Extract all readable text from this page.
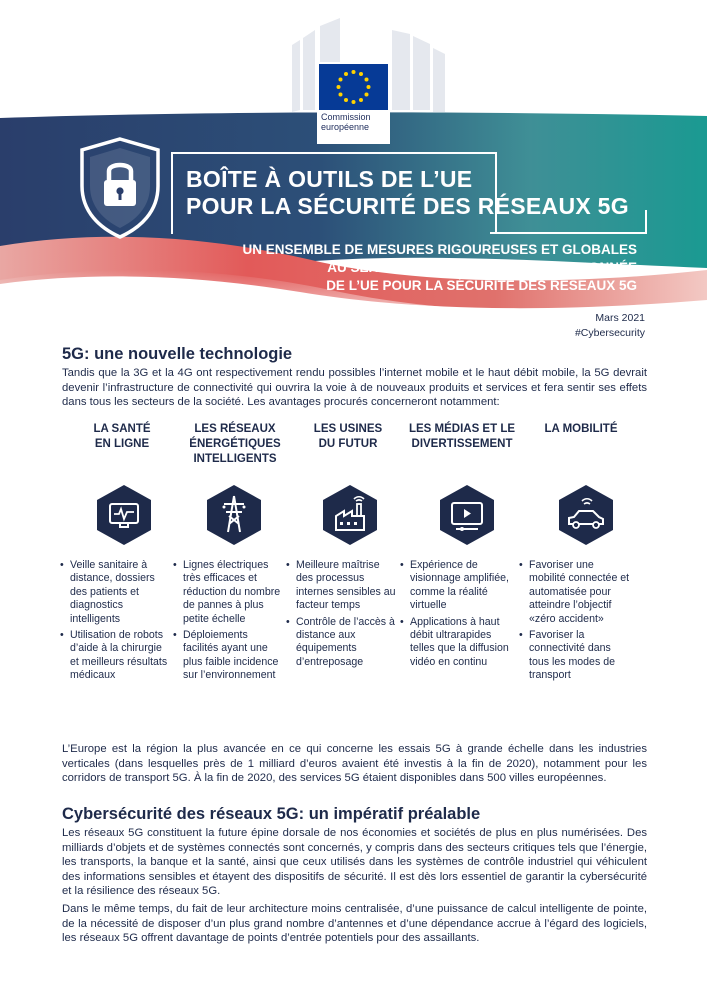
Commission
européenne
BOÎTE À OUTILS DE L’UE
POUR LA SÉCURITÉ DES RÉSEAUX 5G
UN ENSEMBLE DE MESURES RIGOUREUSES ET GLOBALES
AU SERVICE D’UNE APPROCHE COORDONNÉE
DE L’UE POUR LA SÉCURITÉ DES RÉSEAUX 5G
Mars 2021
#Cybersecurity
5G: une nouvelle technologie
Tandis que la 3G et la 4G ont respectivement rendu possibles l’internet mobile et le haut débit mobile, la 5G devrait devenir l’infrastructure de connectivité qui ouvrira la voie à de nouveaux produits et services et fera sentir ses effets dans tous les secteurs de la société. Les avantages procurés concerneront notamment:
LA SANTÉ
EN LIGNE
• Veille sanitaire à distance, dossiers des patients et diagnostics intelligents
• Utilisation de robots d’aide à la chirurgie et meilleurs résultats médicaux
LES RÉSEAUX
ÉNERGÉTIQUES
INTELLIGENTS
• Lignes électriques très efficaces et réduction du nombre de pannes à plus petite échelle
• Déploiements facilités ayant une plus faible incidence sur l’environnement
LES USINES
DU FUTUR
• Meilleure maîtrise des processus internes sensibles au facteur temps
• Contrôle de l’accès à distance aux équipements d’entreposage
LES MÉDIAS ET LE
DIVERTISSEMENT
• Expérience de visionnage amplifiée, comme la réalité virtuelle
• Applications à haut débit ultrarapides telles que la diffusion vidéo en continu
LA MOBILITÉ
• Favoriser une mobilité connectée et automatisée pour atteindre l’objectif «zéro accident»
• Favoriser la connectivité dans tous les modes de transport
L’Europe est la région la plus avancée en ce qui concerne les essais 5G à grande échelle dans les industries verticales (dans lesquelles près de 1 milliard d’euros avaient été investis à la fin de 2020), notamment pour les corridors de transport 5G. À la fin de 2020, des services 5G étaient disponibles dans 500 villes européennes.
Cybersécurité des réseaux 5G: un impératif préalable
Les réseaux 5G constituent la future épine dorsale de nos économies et sociétés de plus en plus numérisées. Des milliards d’objets et de systèmes connectés sont concernés, y compris dans des secteurs critiques tels que l’énergie, les transports, la banque et la santé, ainsi que ceux utilisés dans les systèmes de contrôle industriel qui véhiculent des informations sensibles et étayent des dispositifs de sécurité. Il est dès lors essentiel de garantir la cybersécurité et la résilience des réseaux 5G.
Dans le même temps, du fait de leur architecture moins centralisée, d’une puissance de calcul intelligente de pointe, de la nécessité de disposer d’un plus grand nombre d’antennes et d’une dépendance accrue à l’égard des logiciels, les réseaux 5G offrent davantage de points d’entrée potentiels pour des assaillants.
